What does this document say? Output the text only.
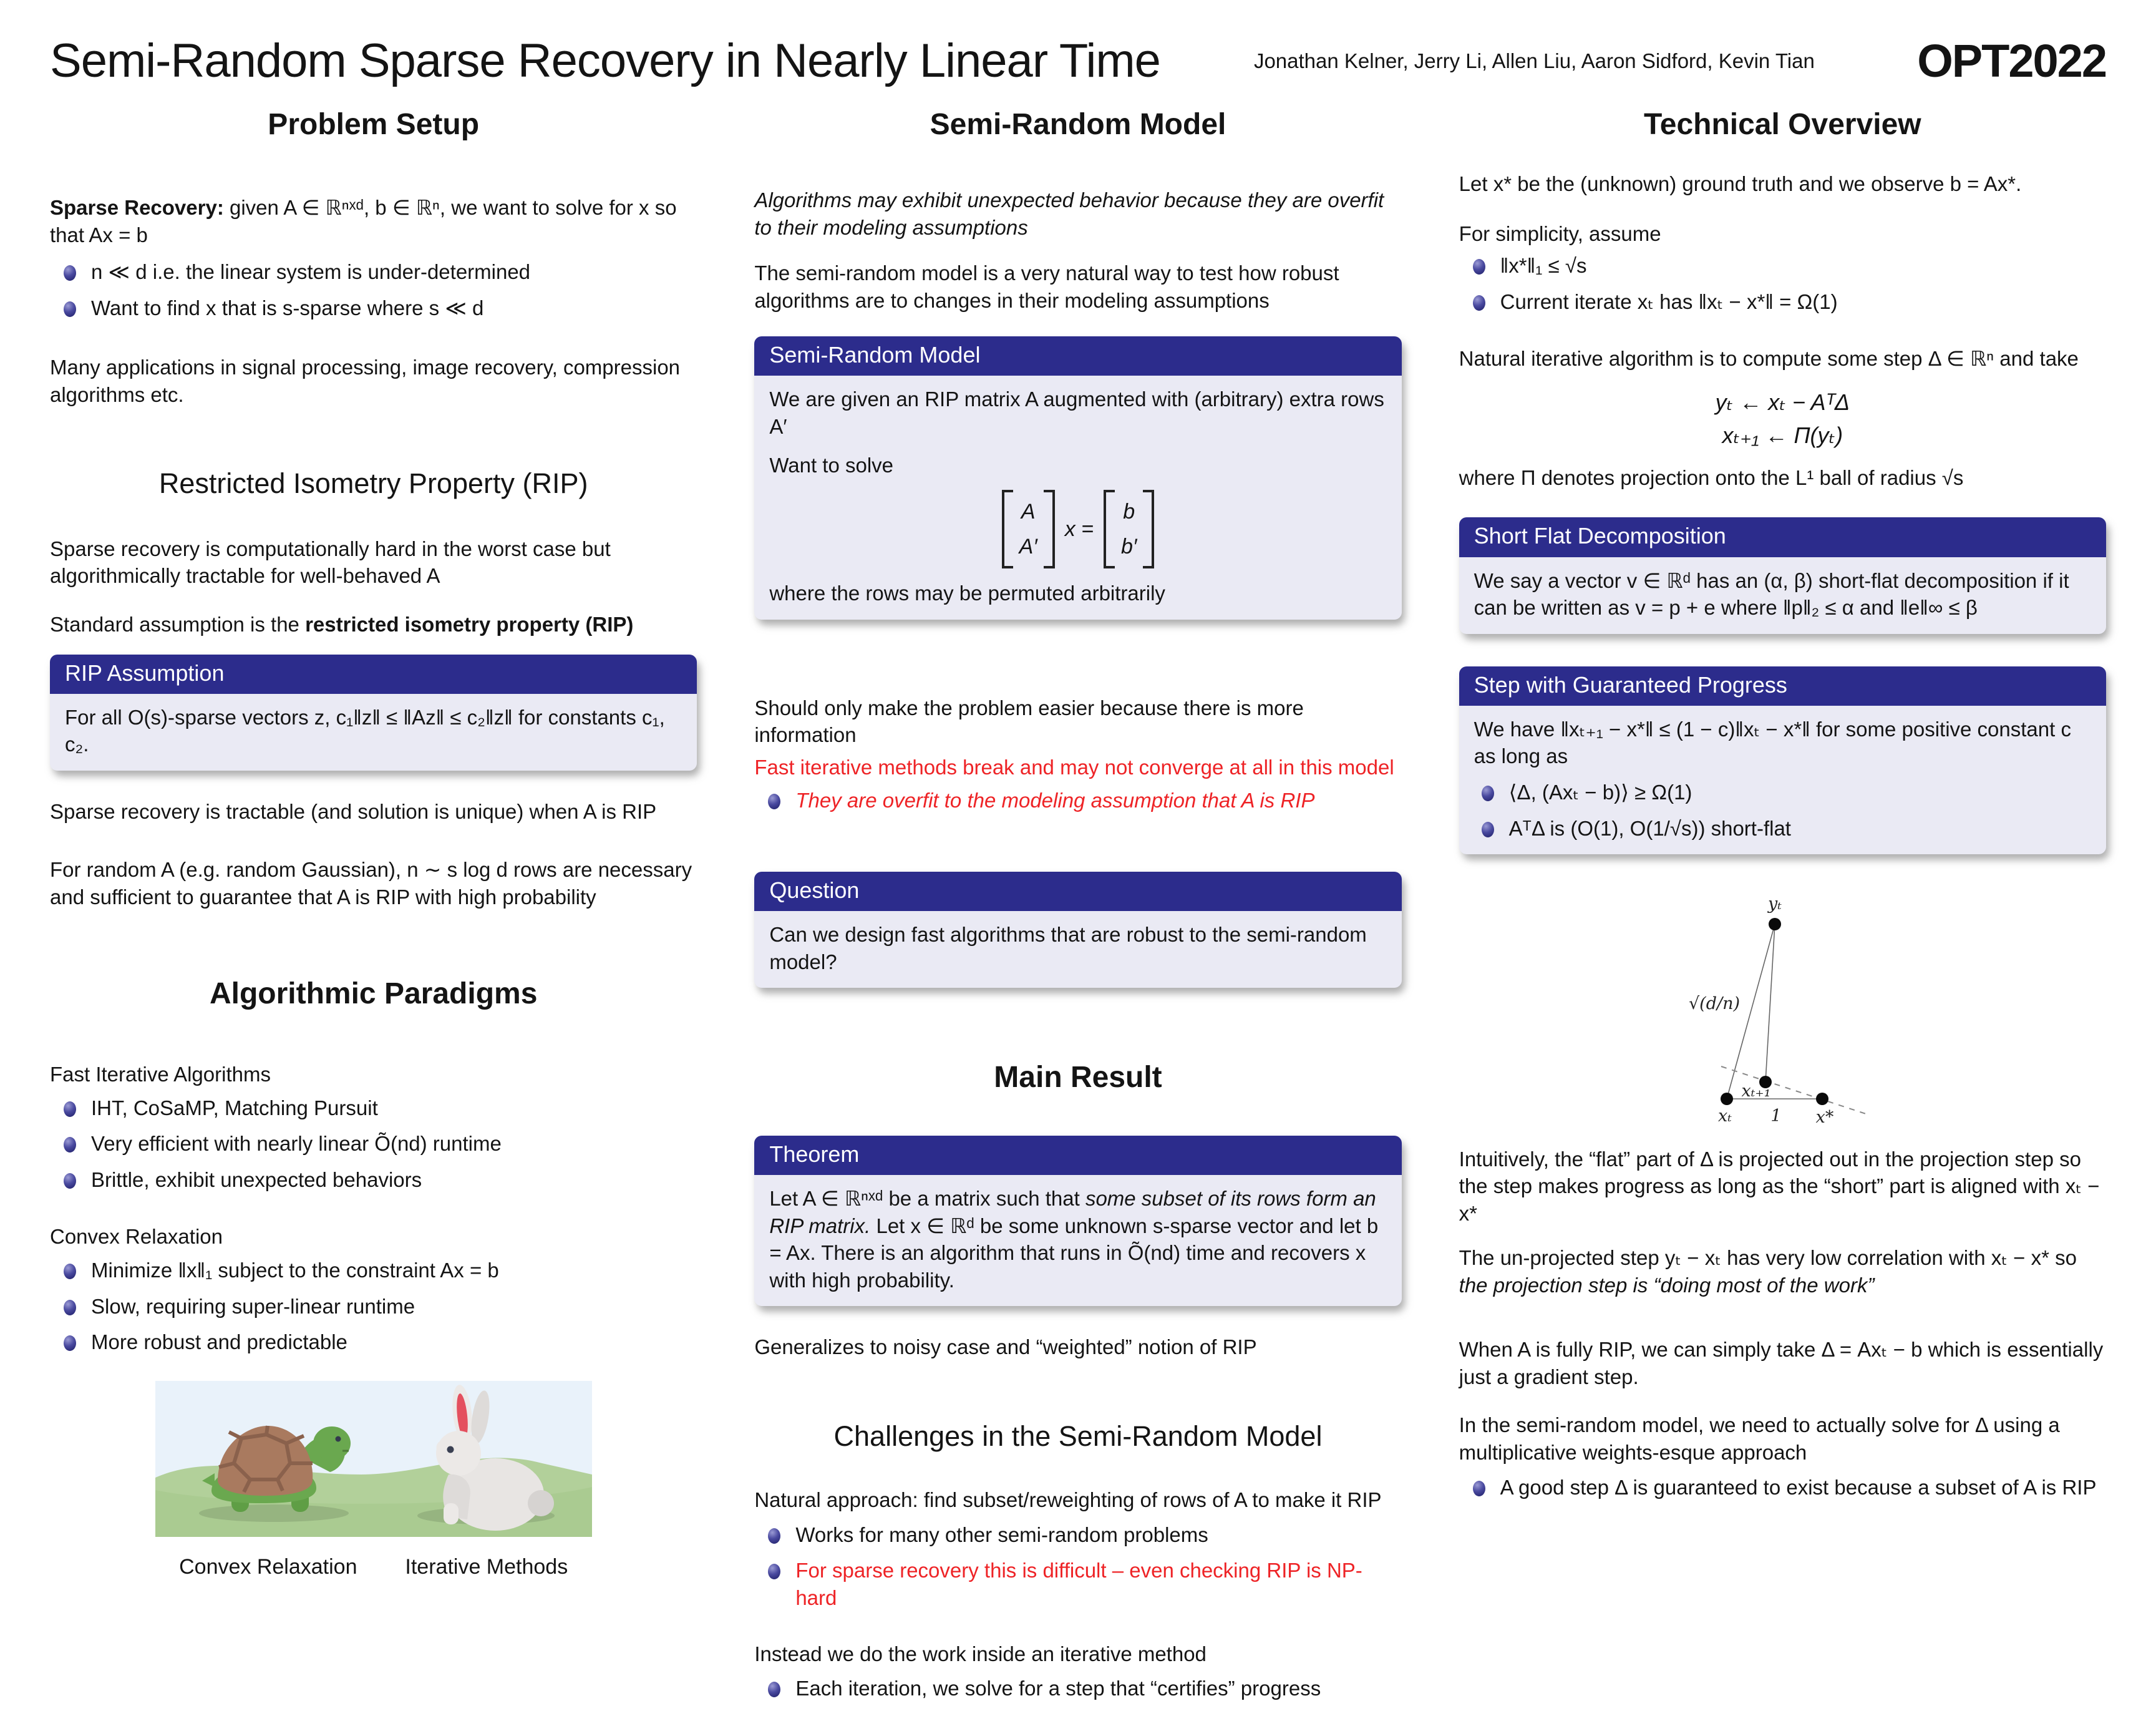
Semi-Random Sparse Recovery in Nearly Linear Time	Jonathan Kelner, Jerry Li, Allen Liu, Aaron Sidford, Kevin Tian OPT2022
Problem Setup

Sparse Recovery: given A ∈ ℝⁿˣᵈ, b ∈ ℝⁿ, we want to solve for x so that Ax = b

n ≪ d i.e. the linear system is under-determined
Want to find x that is s-sparse where s ≪ d

Many applications in signal processing, image recovery, compression algorithms etc.

Restricted Isometry Property (RIP)

Sparse recovery is computationally hard in the worst case but algorithmically tractable for well-behaved A

Standard assumption is the restricted isometry property (RIP)

RIP Assumption
For all O(s)-sparse vectors z, c₁‖z‖ ≤ ‖Az‖ ≤ c₂‖z‖ for constants c₁, c₂.

Sparse recovery is tractable (and solution is unique) when A is RIP

For random A (e.g. random Gaussian), n ∼ s log d rows are necessary and sufficient to guarantee that A is RIP with high probability

Algorithmic Paradigms

Fast Iterative Algorithms

IHT, CoSaMP, Matching Pursuit
Very efficient with nearly linear Õ(nd) runtime
Brittle, exhibit unexpected behaviors

Convex Relaxation

Minimize ‖x‖₁ subject to the constraint Ax = b
Slow, requiring super-linear runtime
More robust and predictable
Convex Relaxation Iterative Methods
Semi-Random Model

Algorithms may exhibit unexpected behavior because they are overfit to their modeling assumptions

The semi-random model is a very natural way to test how robust algorithms are to changes in their modeling assumptions

Semi-Random Model

We are given an RIP matrix A augmented with (arbitrary) extra rows A′

Want to solve

A
A′
x =
b
b′

where the rows may be permuted arbitrarily

Should only make the problem easier because there is more information

Fast iterative methods break and may not converge at all in this model

They are overfit to the modeling assumption that A is RIP
Question
Can we design fast algorithms that are robust to the semi-random model?
Main Result
Theorem
Let A ∈ ℝⁿˣᵈ be a matrix such that some subset of its rows form an RIP matrix. Let x ∈ ℝᵈ be some unknown s-sparse vector and let b = Ax. There is an algorithm that runs in Õ(nd) time and recovers x with high probability.

Generalizes to noisy case and “weighted” notion of RIP

Challenges in the Semi-Random Model

Natural approach: find subset/reweighting of rows of A to make it RIP

Works for many other semi-random problems
For sparse recovery this is difficult – even checking RIP is NP-hard

Instead we do the work inside an iterative method

Each iteration, we solve for a step that “certifies” progress
Technical Overview

Let x* be the (unknown) ground truth and we observe b = Ax*.

For simplicity, assume

‖x*‖₁ ≤ √s
Current iterate xₜ has ‖xₜ − x*‖ = Ω(1)

Natural iterative algorithm is to compute some step Δ ∈ ℝⁿ and take

yₜ ← xₜ − AᵀΔ
xₜ₊₁ ← Π(yₜ)

where Π denotes projection onto the L¹ ball of radius √s

Short Flat Decomposition
We say a vector v ∈ ℝᵈ has an (α, β) short-flat decomposition if it can be written as v = p + e where ‖p‖₂ ≤ α and ‖e‖∞ ≤ β
Step with Guaranteed Progress
We have ‖xₜ₊₁ − x*‖ ≤ (1 − c)‖xₜ − x*‖ for some positive constant c as long as
⟨Δ, (Axₜ − b)⟩ ≥ Ω(1)
AᵀΔ is (O(1), O(1/√s)) short-flat
yₜ
√(d/n)
xₜ₊₁
xₜ 1 x*

Intuitively, the “flat” part of Δ is projected out in the projection step so the step makes progress as long as the “short” part is aligned with xₜ − x*

The un-projected step yₜ − xₜ has very low correlation with xₜ − x* so the projection step is “doing most of the work”

When A is fully RIP, we can simply take Δ = Axₜ − b which is essentially just a gradient step.

In the semi-random model, we need to actually solve for Δ using a multiplicative weights-esque approach

A good step Δ is guaranteed to exist because a subset of A is RIP
